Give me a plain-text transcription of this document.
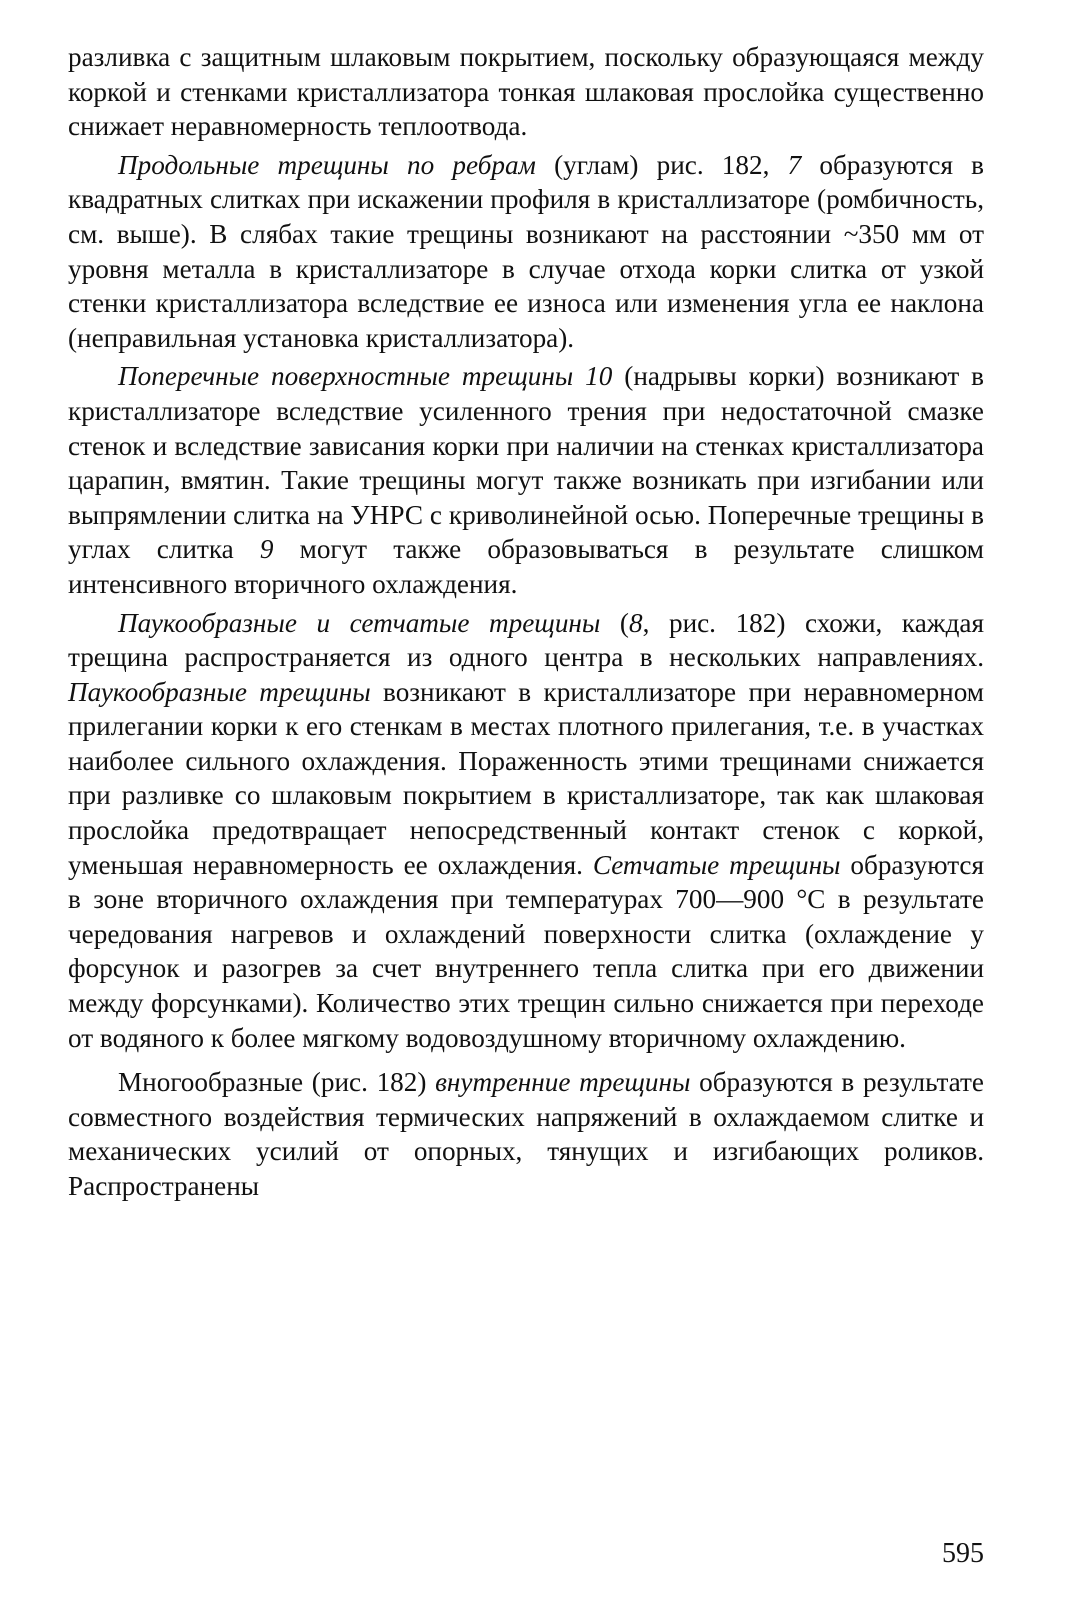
разливка с защитным шлаковым покрытием, поскольку образующаяся между коркой и стенками кристаллизатора тонкая шлаковая прослойка существенно снижает неравномерность теплоотвода.

Продольные трещины по ребрам (углам) рис. 182, 7 образуются в квадратных слитках при искажении профиля в кристаллизаторе (ромбичность, см. выше). В слябах такие трещины возникают на расстоянии ~350 мм от уровня металла в кристаллизаторе в случае отхода корки слитка от узкой стенки кристаллизатора вследствие ее износа или изменения угла ее наклона (неправильная установка кристаллизатора).

Поперечные поверхностные трещины 10 (надрывы корки) возникают в кристаллизаторе вследствие усиленного трения при недостаточной смазке стенок и вследствие зависания корки при наличии на стенках кристаллизатора царапин, вмятин. Такие трещины могут также возникать при изгибании или выпрямлении слитка на УНРС с криволинейной осью. Поперечные трещины в углах слитка 9 могут также образовываться в результате слишком интенсивного вторичного охлаждения.

Паукообразные и сетчатые трещины (8, рис. 182) схожи, каждая трещина распространяется из одного центра в нескольких направлениях. Паукообразные трещины возникают в кристаллизаторе при неравномерном прилегании корки к его стенкам в местах плотного прилегания, т.е. в участках наиболее сильного охлаждения. Пораженность этими трещинами снижается при разливке со шлаковым покрытием в кристаллизаторе, так как шлаковая прослойка предотвращает непосредственный контакт стенок с коркой, уменьшая неравномерность ее охлаждения. Сетчатые трещины образуются в зоне вторичного охлаждения при температурах 700—900 °С в результате чередования нагревов и охлаждений поверхности слитка (охлаждение у форсунок и разогрев за счет внутреннего тепла слитка при его движении между форсунками). Количество этих трещин сильно снижается при переходе от водяного к более мягкому водовоздушному вторичному охлаждению.

Многообразные (рис. 182) внутренние трещины образуются в результате совместного воздействия термических напряжений в охлаждаемом слитке и механических усилий от опорных, тянущих и изгибающих роликов. Распространены

595
